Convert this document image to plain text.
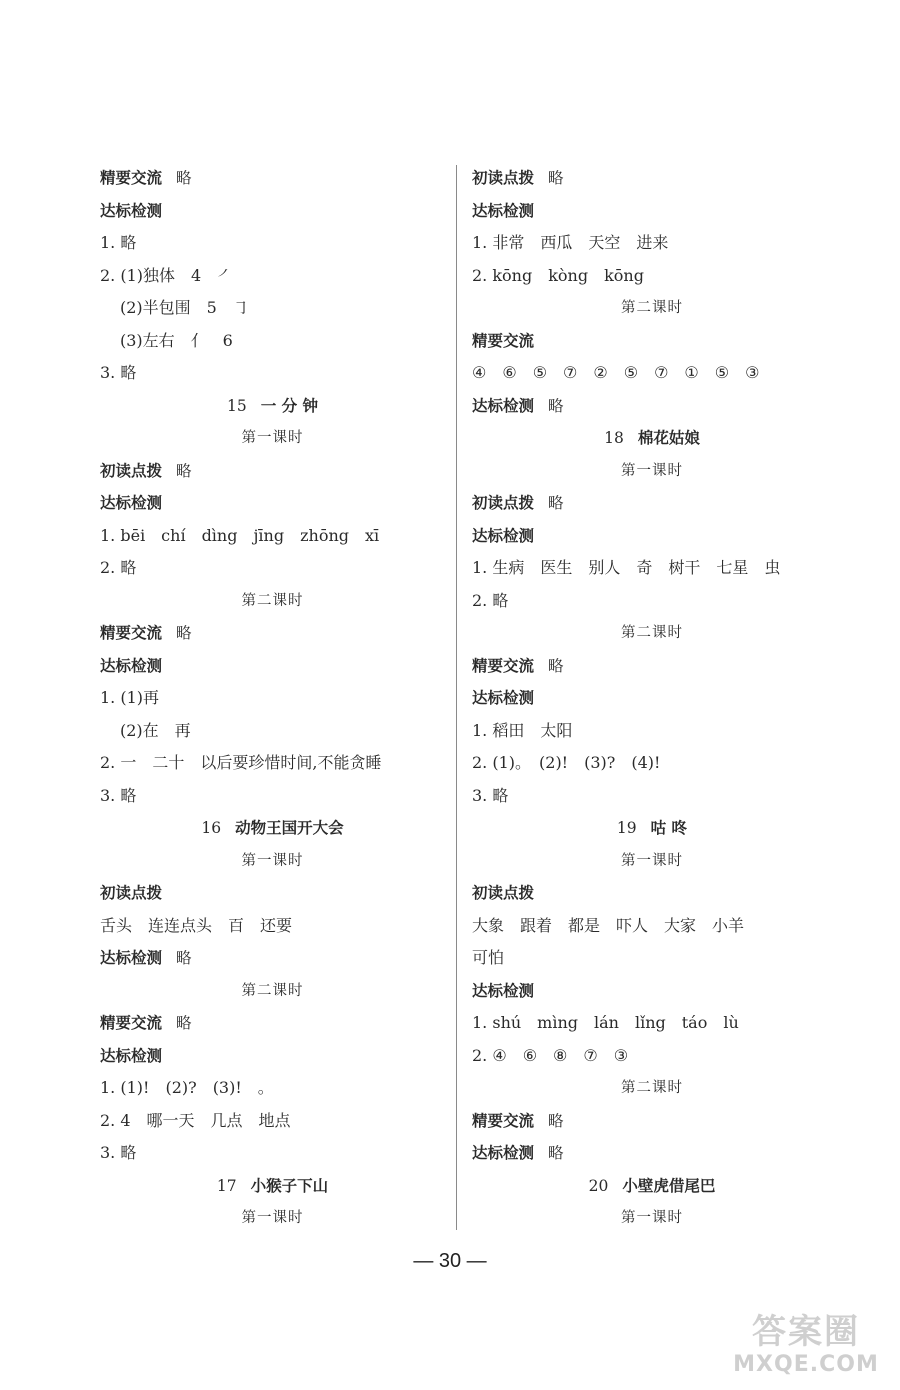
精要交流 略
达标检测
1. 略
2. (1)独体　4　㇒
(2)半包围　5　㇆
(3)左右　亻　6
3. 略
15 一 分 钟
第一课时
初读点拨 略
达标检测
1. bēi　chí　dìng　jīng　zhōng　xī
2. 略
第二课时
精要交流 略
达标检测
1. (1)再
(2)在　再
2. 一　二十　以后要珍惜时间,不能贪睡
3. 略
16 动物王国开大会
第一课时
初读点拨
舌头　连连点头　百　还要
达标检测 略
第二课时
精要交流 略
达标检测
1. (1)!　(2)?　(3)!　。
2. 4　哪一天　几点　地点
3. 略
17 小猴子下山
第一课时
初读点拨 略
达标检测
1. 非常　西瓜　天空　进来
2. kōng　kòng　kōng
第二课时
精要交流
④　⑥　⑤　⑦　②　⑤　⑦　①　⑤　③
达标检测 略
18 棉花姑娘
第一课时
初读点拨 略
达标检测
1. 生病　医生　别人　奇　树干　七星　虫
2. 略
第二课时
精要交流 略
达标检测
1. 稻田　太阳
2. (1)。　(2)!　(3)?　(4)!
3. 略
19 咕 咚
第一课时
初读点拨
大象　跟着　都是　吓人　大家　小羊
可怕
达标检测
1. shú　mìng　lán　lǐng　táo　lù
2. ④　⑥　⑧　⑦　③
第二课时
精要交流 略
达标检测 略
20 小壁虎借尾巴
第一课时
— 30 —
答案圈
MXQE.COM
